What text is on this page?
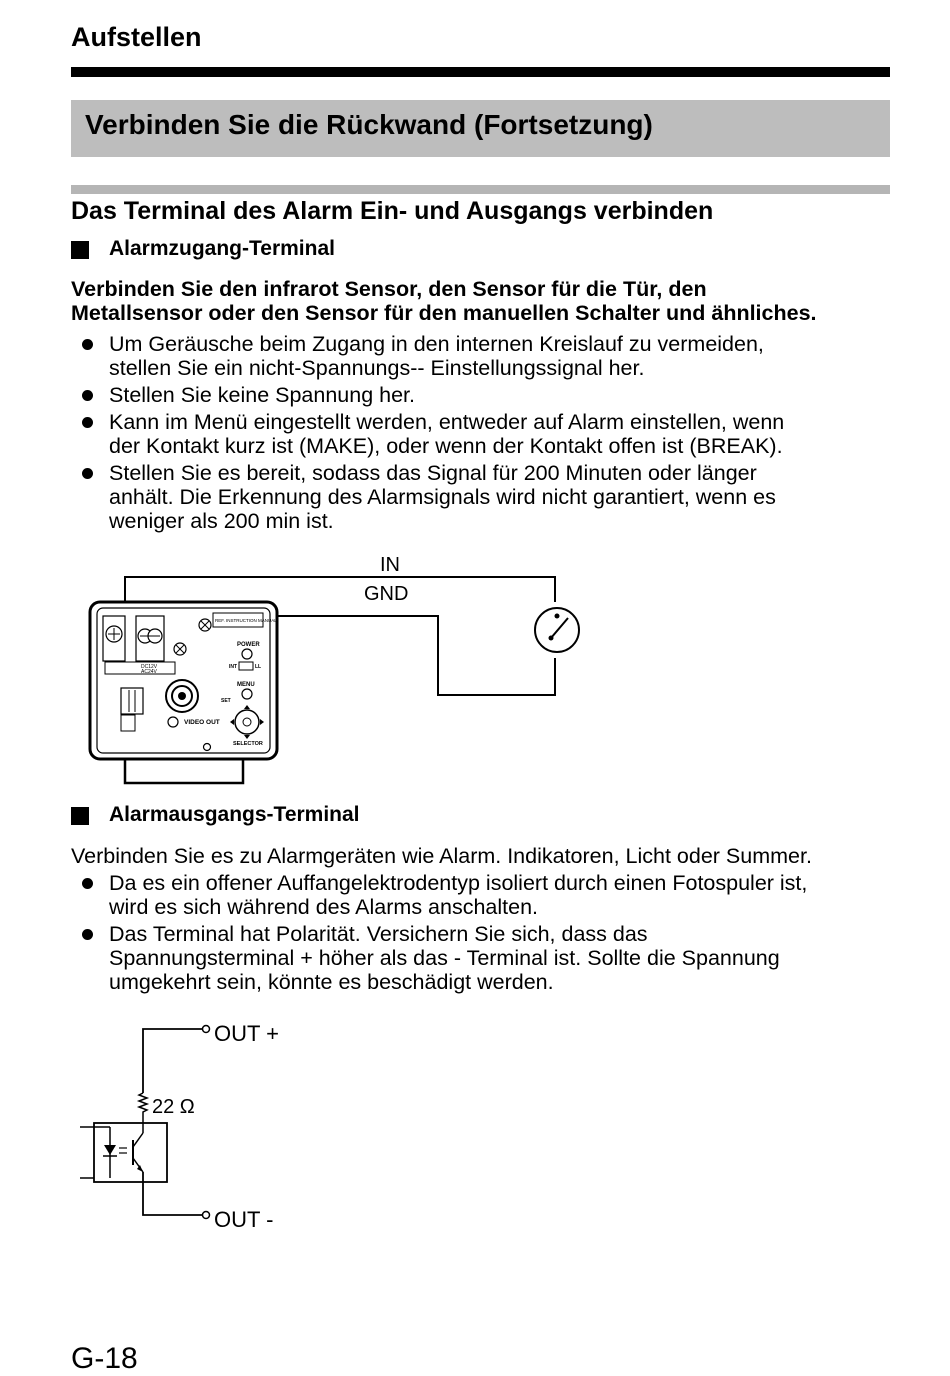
Aufstellen
Verbinden Sie die Rückwand (Fortsetzung)
Das Terminal des Alarm Ein- und Ausgangs verbinden
Alarmzugang-Terminal
Verbinden Sie den infrarot Sensor, den Sensor für die Tür, den
Metallsensor oder den Sensor für den manuellen Schalter und ähnliches.
Um Geräusche beim Zugang in den internen Kreislauf zu vermeiden,
stellen Sie ein nicht-Spannungs-- Einstellungssignal her.
Stellen Sie keine Spannung her.
Kann im Menü eingestellt werden, entweder auf Alarm einstellen, wenn
der Kontakt kurz ist (MAKE), oder wenn der Kontakt offen ist (BREAK).
Stellen Sie es bereit, sodass das Signal für 200 Minuten oder länger
anhält. Die Erkennung des Alarmsignals wird nicht garantiert, wenn es
weniger als 200 min ist.
IN
GND
DC12V
AC24V
REF. INSTRUCTION MANUAL
POWER
INT	LL
MENU
SET
VIDEO OUT
SELECTOR
Alarmausgangs-Terminal
Verbinden Sie es zu Alarmgeräten wie Alarm. Indikatoren, Licht oder Summer.
Da es ein offener Auffangelektrodentyp isoliert durch einen Fotospuler ist,
wird es sich während des Alarms anschalten.
Das Terminal hat Polarität. Versichern Sie sich, dass das
Spannungsterminal + höher als das - Terminal ist. Sollte die Spannung
umgekehrt sein, könnte es beschädigt werden.
OUT +
22 Ω
OUT -
G-18
